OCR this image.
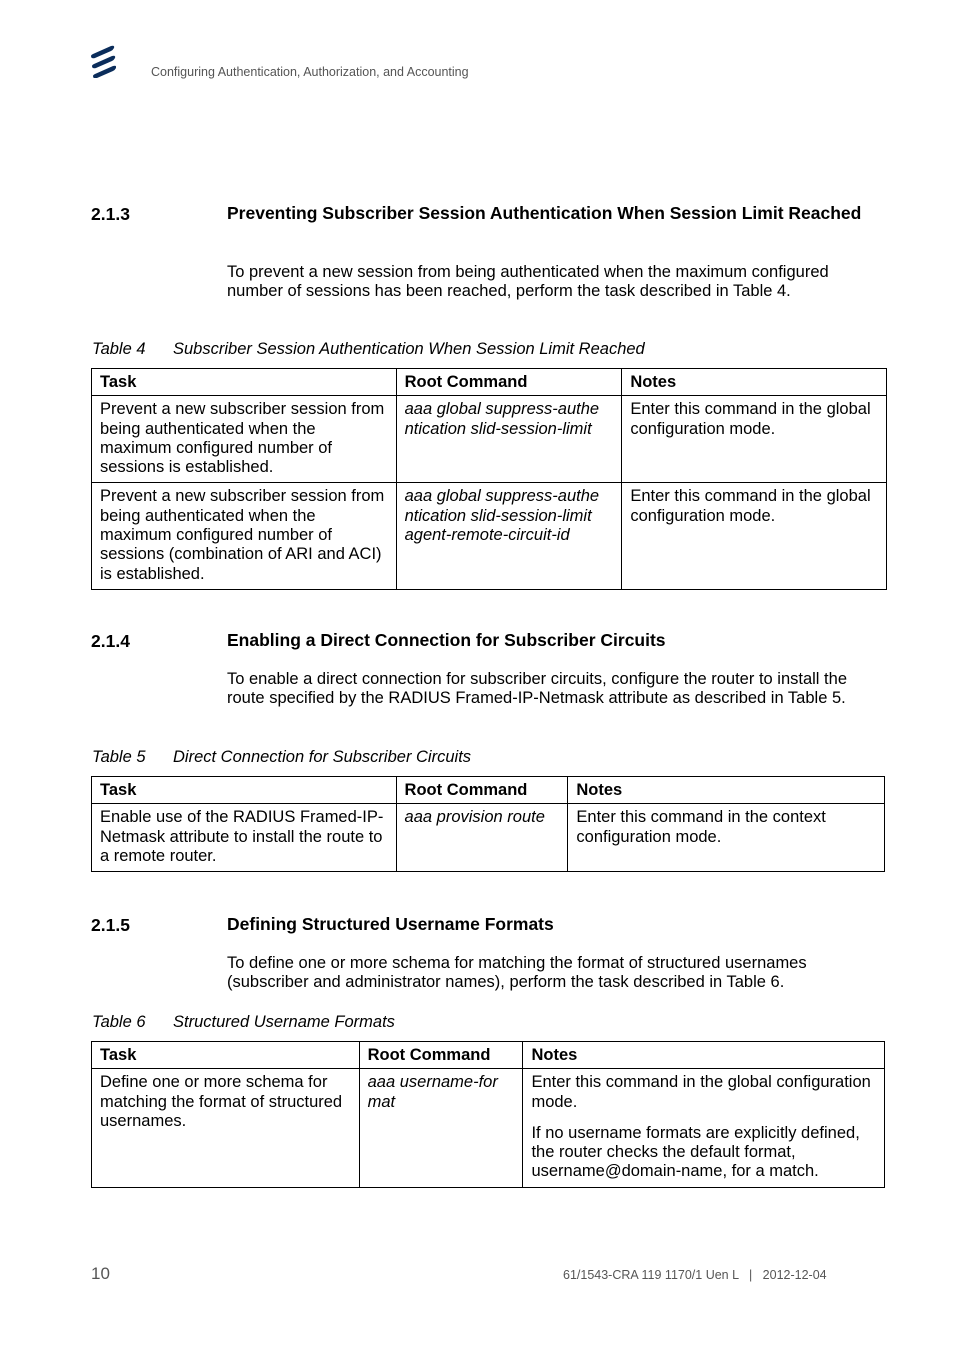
Configuring Authentication, Authorization, and Accounting
2.1.3	Preventing Subscriber Session Authentication When Session Limit Reached
To prevent a new session from being authenticated when the maximum configured number of sessions has been reached, perform the task described in Table 4.
Table 4 Subscriber Session Authentication When Session Limit Reached
Task	Root Command	Notes
Prevent a new subscriber session from being authenticated when the maximum configured number of sessions is established.	aaa global suppress-authe ntication slid-session-limit	Enter this command in the global configuration mode.

Prevent a new subscriber session from being authenticated when the maximum configured number of sessions (combination of ARI and ACI) is established.	aaa global suppress-authe ntication slid-session-limit agent-remote-circuit-id	Enter this command in the global configuration mode.
2.1.4	Enabling a Direct Connection for Subscriber Circuits
To enable a direct connection for subscriber circuits, configure the router to install the route specified by the RADIUS Framed-IP-Netmask attribute as described in Table 5.
Table 5 Direct Connection for Subscriber Circuits
Task	Root Command	Notes
Enable use of the RADIUS Framed-IP-Netmask attribute to install the route to a remote router.	aaa provision route	Enter this command in the context configuration mode.
2.1.5	Defining Structured Username Formats
To define one or more schema for matching the format of structured usernames (subscriber and administrator names), perform the task described in Table 6.
Table 6 Structured Username Formats
Task	Root Command	Notes
Define one or more schema for matching the format of structured usernames.	aaa username-for mat	Enter this command in the global configuration mode.
If no username formats are explicitly defined, the router checks the default format, username@domain-name, for a match.
10	61/1543-CRA 119 1170/1 Uen L   |   2012-12-04
